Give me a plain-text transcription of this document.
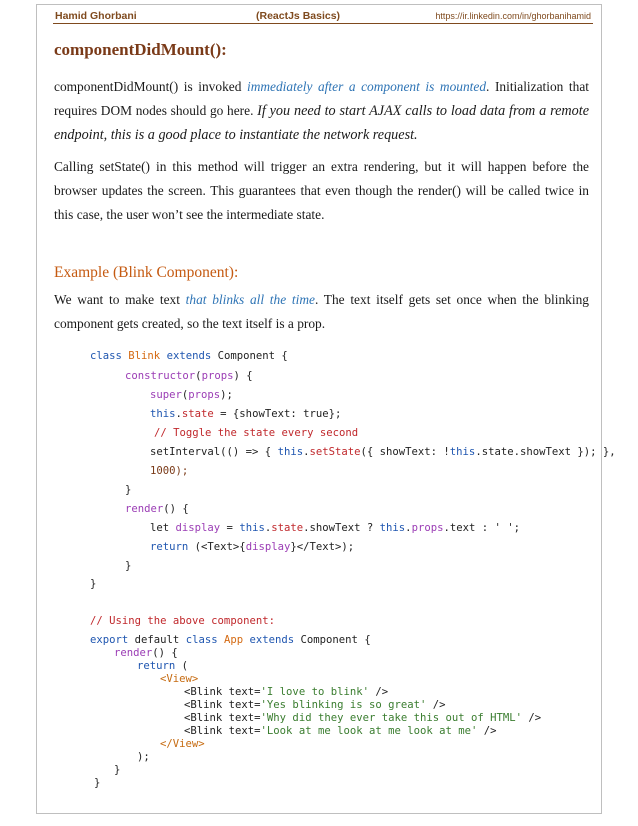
Hamid Ghorbani	(ReactJs Basics)	https://ir.linkedin.com/in/ghorbanihamid
componentDidMount():

componentDidMount() is invoked immediately after a component is mounted. Initialization that requires DOM nodes should go here. If you need to start AJAX calls to load data from a remote endpoint, this is a good place to instantiate the network request.

Calling setState() in this method will trigger an extra rendering, but it will happen before the browser updates the screen. This guarantees that even though the render() will be called twice in this case, the user won’t see the intermediate state.

Example (Blink Component):

We want to make text that blinks all the time. The text itself gets set once when the blinking component gets created, so the text itself is a prop.

class Blink extends Component {

constructor(props) {

super(props);

this.state = {showText: true};

// Toggle the state every second

setInterval(() => { this.setState({ showText: !this.state.showText }); },

1000);

}

render() {

let display = this.state.showText ? this.props.text : ' ';

return (<Text>{display}</Text>);

}

}

// Using the above component:

export default class App extends Component {

render() {

return (

<View>

<Blink text='I love to blink' />

<Blink text='Yes blinking is so great' />

<Blink text='Why did they ever take this out of HTML' />

<Blink text='Look at me look at me look at me' />

</View>

);

}

}
